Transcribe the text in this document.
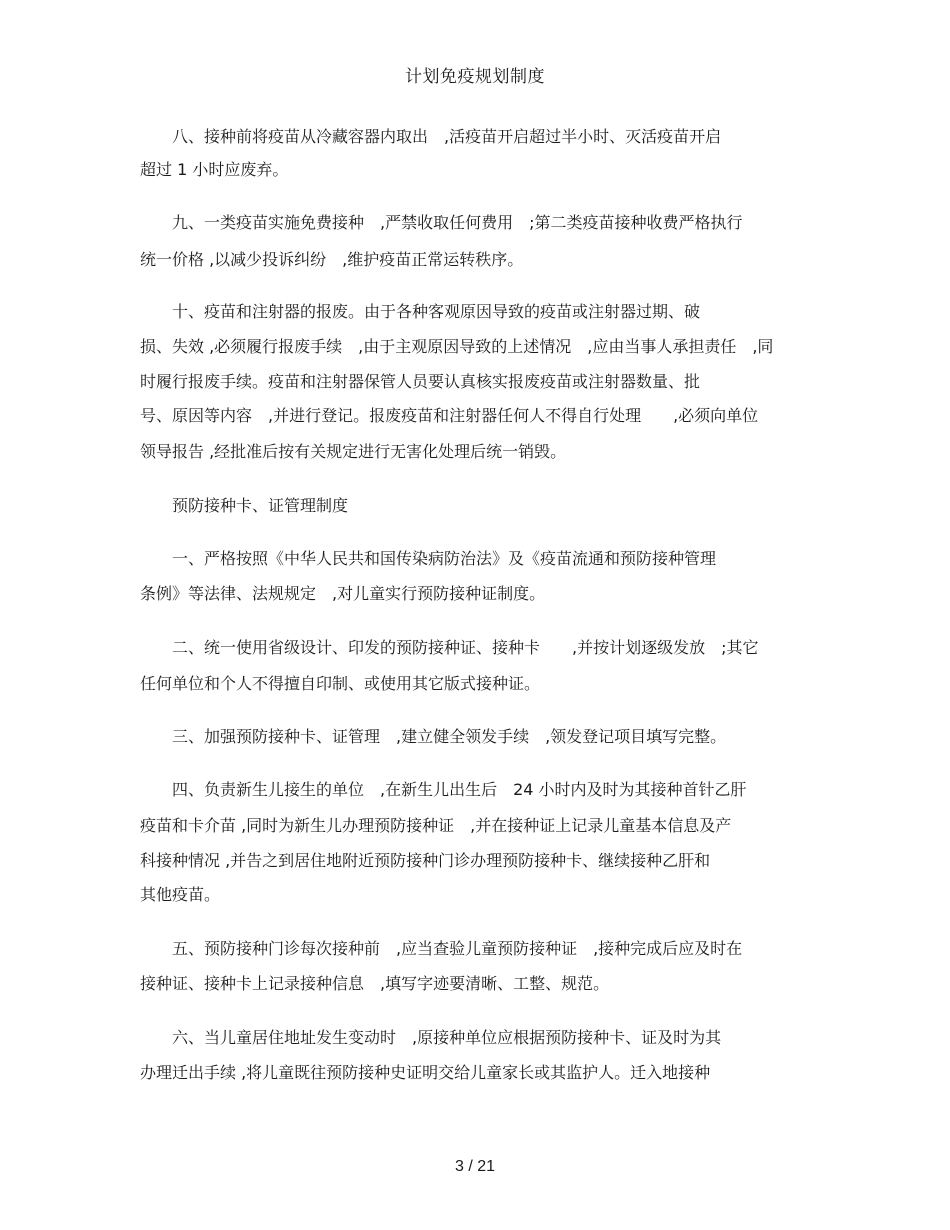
计划免疫规划制度
　　八、接种前将疫苗从冷藏容器内取出　,活疫苗开启超过半小时、灭活疫苗开启
超过 1 小时应废弃。
　　九、一类疫苗实施免费接种　,严禁收取任何费用　;第二类疫苗接种收费严格执行
统一价格 ,以减少投诉纠纷　,维护疫苗正常运转秩序。
　　十、疫苗和注射器的报废。由于各种客观原因导致的疫苗或注射器过期、破
损、失效 ,必须履行报废手续　,由于主观原因导致的上述情况　,应由当事人承担责任　,同
时履行报废手续。疫苗和注射器保管人员要认真核实报废疫苗或注射器数量、批
号、原因等内容　,并进行登记。报废疫苗和注射器任何人不得自行处理　　,必须向单位
领导报告 ,经批准后按有关规定进行无害化处理后统一销毁。
　　预防接种卡、证管理制度
　　一、严格按照《中华人民共和国传染病防治法》及《疫苗流通和预防接种管理
条例》等法律、法规规定　,对儿童实行预防接种证制度。
　　二、统一使用省级设计、印发的预防接种证、接种卡　　,并按计划逐级发放　;其它
任何单位和个人不得擅自印制、或使用其它版式接种证。
　　三、加强预防接种卡、证管理　,建立健全领发手续　,领发登记项目填写完整。
　　四、负责新生儿接生的单位　,在新生儿出生后　24 小时内及时为其接种首针乙肝
疫苗和卡介苗 ,同时为新生儿办理预防接种证　,并在接种证上记录儿童基本信息及产
科接种情况 ,并告之到居住地附近预防接种门诊办理预防接种卡、继续接种乙肝和
其他疫苗。
　　五、预防接种门诊每次接种前　,应当查验儿童预防接种证　,接种完成后应及时在
接种证、接种卡上记录接种信息　,填写字迹要清晰、工整、规范。
　　六、当儿童居住地址发生变动时　,原接种单位应根据预防接种卡、证及时为其
办理迁出手续 ,将儿童既往预防接种史证明交给儿童家长或其监护人。迁入地接种
3 / 21
